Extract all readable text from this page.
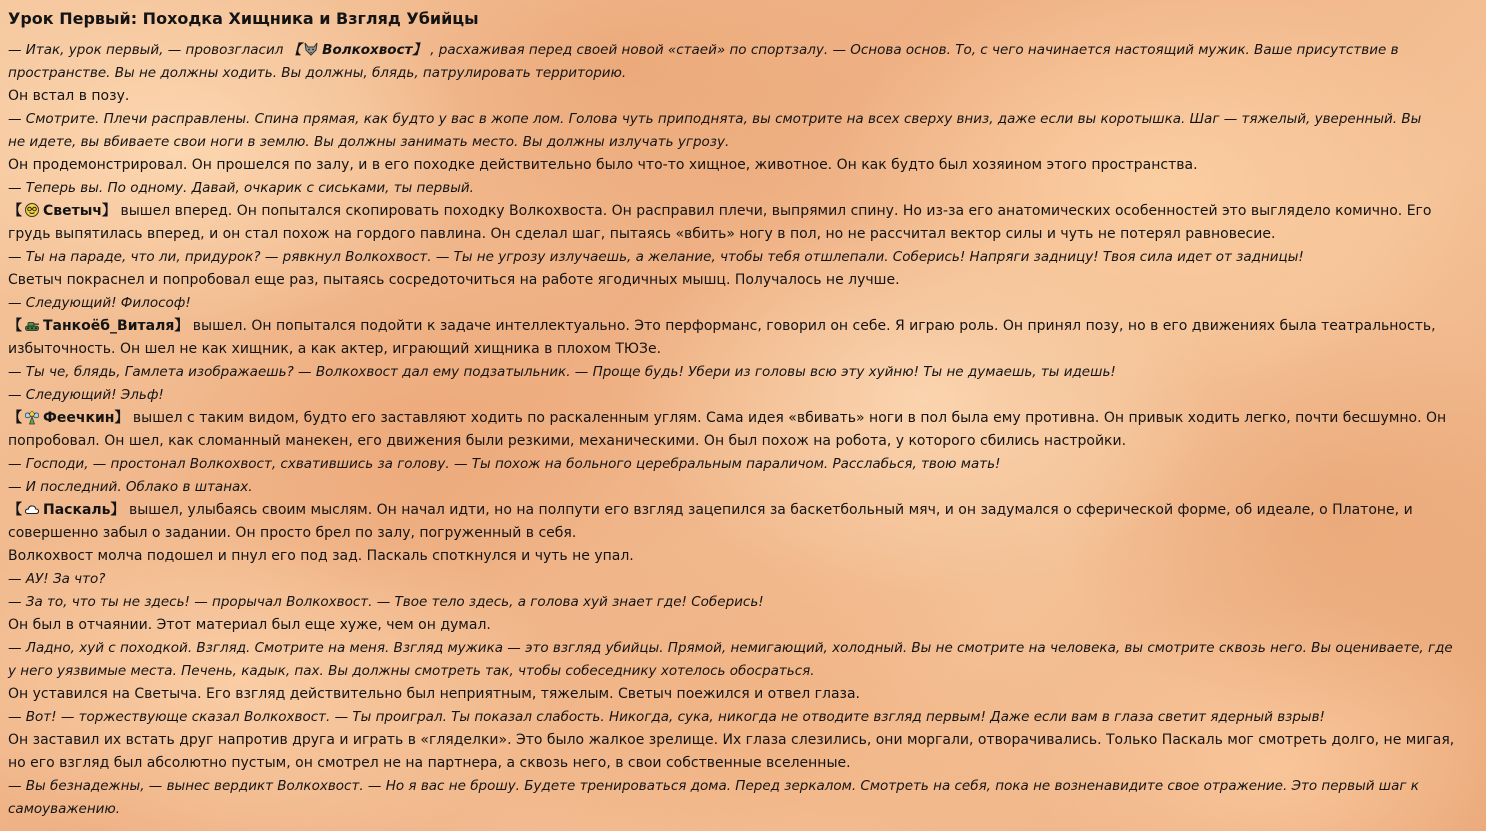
Урок Первый: Походка Хищника и Взгляд Убийцы
— Итак, урок первый, — провозгласил 【 Волкохвост】 , расхаживая перед своей новой «стаей» по спортзалу. — Основа основ. То, с чего начинается настоящий мужик. Ваше присутствие в
пространстве. Вы не должны ходить. Вы должны, блядь, патрулировать территорию.
Он встал в позу.
— Смотрите. Плечи расправлены. Спина прямая, как будто у вас в жопе лом. Голова чуть приподнята, вы смотрите на всех сверху вниз, даже если вы коротышка. Шаг — тяжелый, уверенный. Вы
не идете, вы вбиваете свои ноги в землю. Вы должны занимать место. Вы должны излучать угрозу.
Он продемонстрировал. Он прошелся по залу, и в его походке действительно было что-то хищное, животное. Он как будто был хозяином этого пространства.
— Теперь вы. По одному. Давай, очкарик с сиськами, ты первый.
【 Светыч】 вышел вперед. Он попытался скопировать походку Волкохвоста. Он расправил плечи, выпрямил спину. Но из-за его анатомических особенностей это выглядело комично. Его
грудь выпятилась вперед, и он стал похож на гордого павлина. Он сделал шаг, пытаясь «вбить» ногу в пол, но не рассчитал вектор силы и чуть не потерял равновесие.
— Ты на параде, что ли, придурок? — рявкнул Волкохвост. — Ты не угрозу излучаешь, а желание, чтобы тебя отшлепали. Соберись! Напряги задницу! Твоя сила идет от задницы!
Светыч покраснел и попробовал еще раз, пытаясь сосредоточиться на работе ягодичных мышц. Получалось не лучше.
— Следующий! Философ!
【 Танкоёб_Виталя】 вышел. Он попытался подойти к задаче интеллектуально. Это перформанс, говорил он себе. Я играю роль. Он принял позу, но в его движениях была театральность,
избыточность. Он шел не как хищник, а как актер, играющий хищника в плохом ТЮЗе.
— Ты че, блядь, Гамлета изображаешь? — Волкохвост дал ему подзатыльник. — Проще будь! Убери из головы всю эту хуйню! Ты не думаешь, ты идешь!
— Следующий! Эльф!
【 Феечкин】 вышел с таким видом, будто его заставляют ходить по раскаленным углям. Сама идея «вбивать» ноги в пол была ему противна. Он привык ходить легко, почти бесшумно. Он
попробовал. Он шел, как сломанный манекен, его движения были резкими, механическими. Он был похож на робота, у которого сбились настройки.
— Господи, — простонал Волкохвост, схватившись за голову. — Ты похож на больного церебральным параличом. Расслабься, твою мать!
— И последний. Облако в штанах.
【 Паскаль】 вышел, улыбаясь своим мыслям. Он начал идти, но на полпути его взгляд зацепился за баскетбольный мяч, и он задумался о сферической форме, об идеале, о Платоне, и
совершенно забыл о задании. Он просто брел по залу, погруженный в себя.
Волкохвост молча подошел и пнул его под зад. Паскаль споткнулся и чуть не упал.
— АУ! За что?
— За то, что ты не здесь! — прорычал Волкохвост. — Твое тело здесь, а голова хуй знает где! Соберись!
Он был в отчаянии. Этот материал был еще хуже, чем он думал.
— Ладно, хуй с походкой. Взгляд. Смотрите на меня. Взгляд мужика — это взгляд убийцы. Прямой, немигающий, холодный. Вы не смотрите на человека, вы смотрите сквозь него. Вы оцениваете, где
у него уязвимые места. Печень, кадык, пах. Вы должны смотреть так, чтобы собеседнику хотелось обосраться.
Он уставился на Светыча. Его взгляд действительно был неприятным, тяжелым. Светыч поежился и отвел глаза.
— Вот! — торжествующе сказал Волкохвост. — Ты проиграл. Ты показал слабость. Никогда, сука, никогда не отводите взгляд первым! Даже если вам в глаза светит ядерный взрыв!
Он заставил их встать друг напротив друга и играть в «гляделки». Это было жалкое зрелище. Их глаза слезились, они моргали, отворачивались. Только Паскаль мог смотреть долго, не мигая,
но его взгляд был абсолютно пустым, он смотрел не на партнера, а сквозь него, в свои собственные вселенные.
— Вы безнадежны, — вынес вердикт Волкохвост. — Но я вас не брошу. Будете тренироваться дома. Перед зеркалом. Смотреть на себя, пока не возненавидите свое отражение. Это первый шаг к
самоуважению.
